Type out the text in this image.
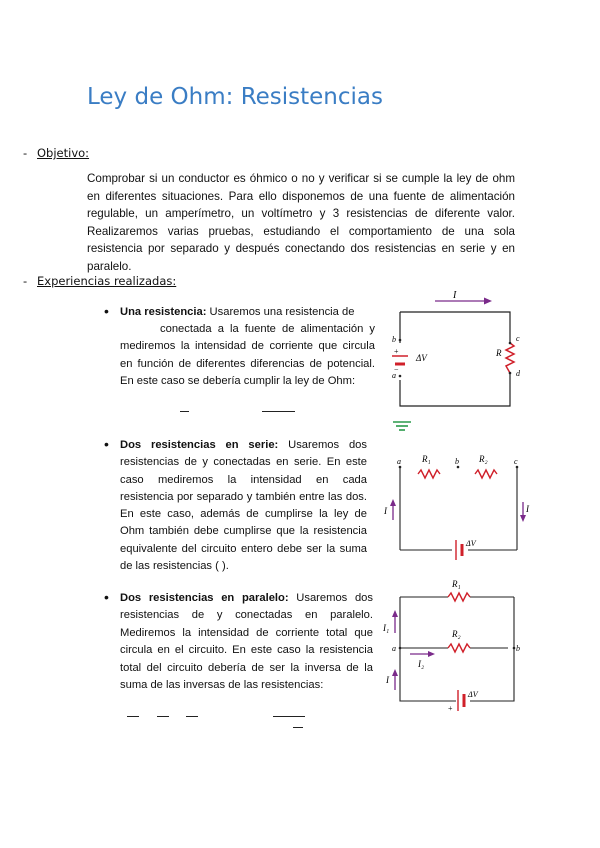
Ley de Ohm: Resistencias
- Objetivo:
Comprobar si un conductor es óhmico o no y verificar si se cumple la ley de ohm en diferentes situaciones. Para ello disponemos de una fuente de alimentación regulable, un amperímetro, un voltímetro y 3 resistencias de diferente valor. Realizaremos varias pruebas, estudiando el comportamiento de una sola resistencia por separado y después conectando dos resistencias en serie y en paralelo.
- Experiencias realizadas:
• Una resistencia: Usaremos una resistencia de
conectada a la fuente de alimentación y mediremos la intensidad de corriente que circula en función de diferentes diferencias de potencial. En este caso se debería cumplir la ley de Ohm:
• Dos resistencias en serie: Usaremos dos resistencias de y conectadas en serie. En este caso mediremos la intensidad en cada resistencia por separado y también entre las dos. En este caso, además de cumplirse la ley de Ohm también debe cumplirse que la resistencia equivalente del circuito entero debe ser la suma de las resistencias ( ).
• Dos resistencias en paralelo: Usaremos dos resistencias de y conectadas en paralelo. Mediremos la intensidad de corriente total que circula en el circuito. En este caso la resistencia total del circuito debería de ser la inversa de la suma de las inversas de las resistencias:
I
R
c
d
+
−
ΔV
b
a
a	b	c
R₁	R₂
I	I
ΔV
R₁
R₂
a	b
I₁
I₂
I
+
ΔV
